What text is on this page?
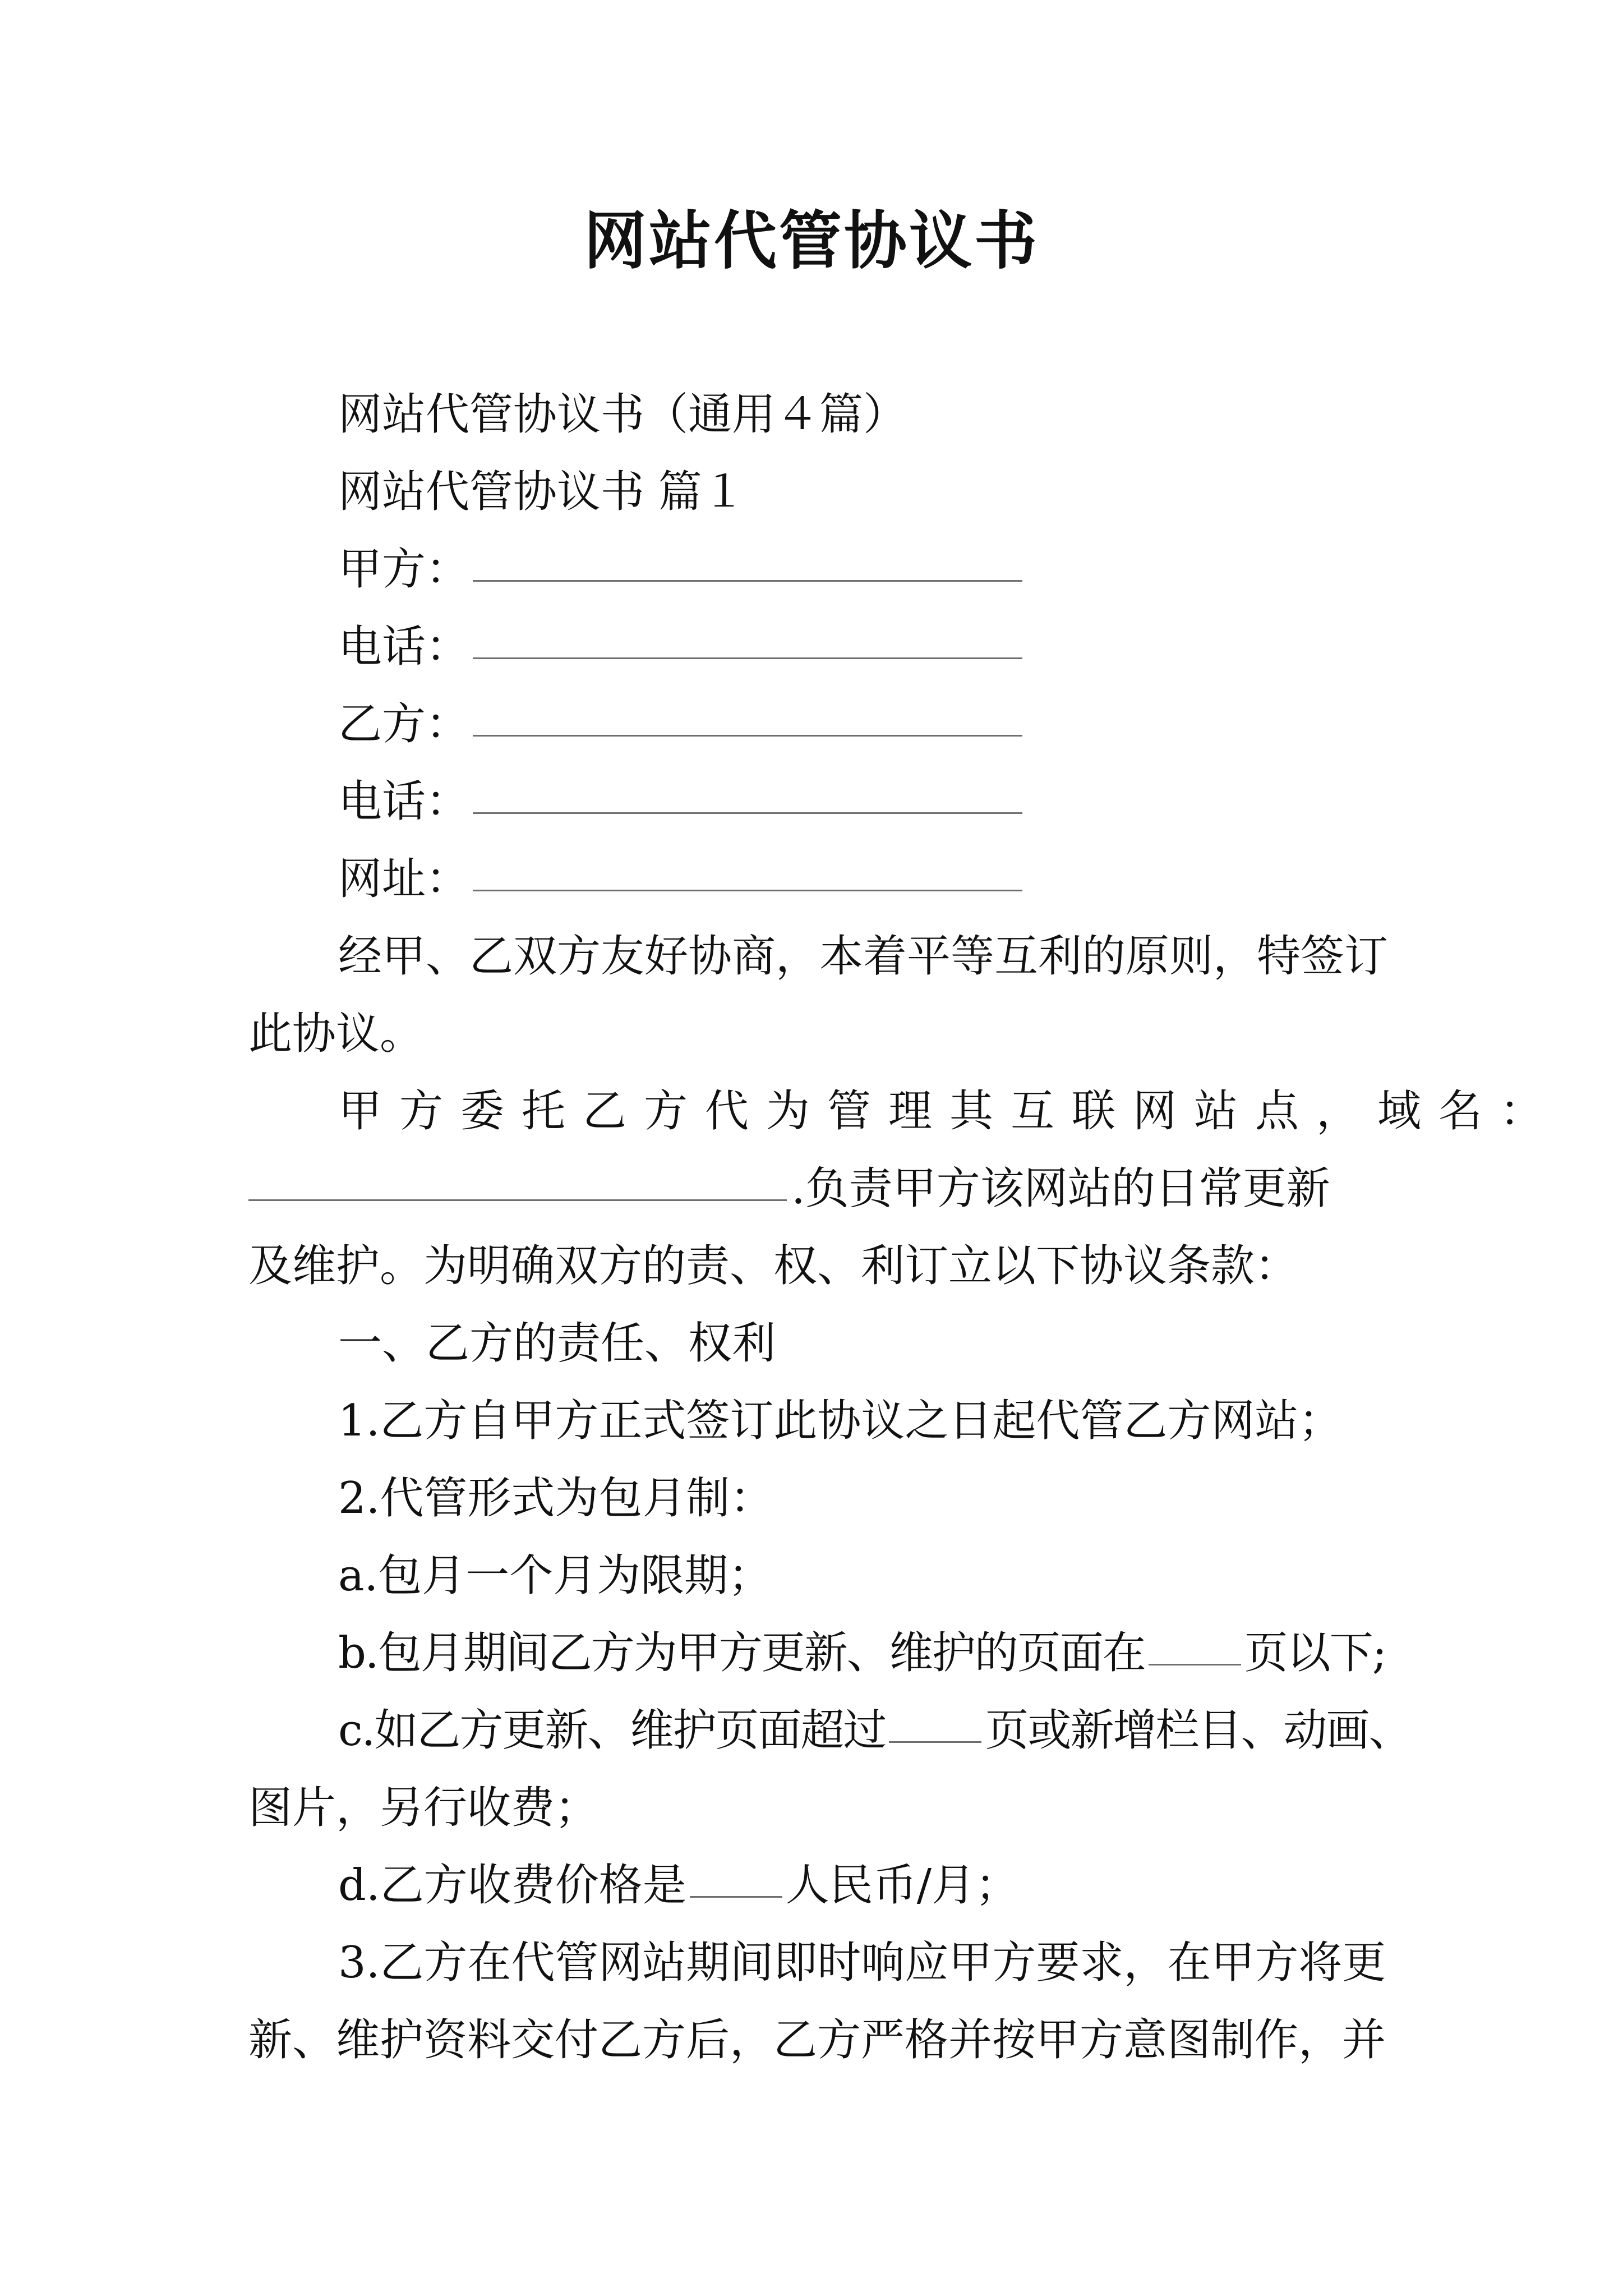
网站代管协议书
网站代管协议书（通用４篇）
网站代管协议书 篇１
甲方：
电话：
乙方：
电话：
网址：
经甲、乙双方友好协商，本着平等互利的原则，特签订
此协议。
甲方委托乙方代为管理其互联网站点，域名：
.负责甲方该网站的日常更新
及维护。为明确双方的责、权、利订立以下协议条款：
一、乙方的责任、权利
1.乙方自甲方正式签订此协议之日起代管乙方网站；
2.代管形式为包月制：
a.包月一个月为限期；
b.包月期间乙方为甲方更新、维护的页面在 页以下;
c.如乙方更新、维护页面超过 页或新增栏目、动画、
图片，另行收费；
d.乙方收费价格是 人民币/月；
3.乙方在代管网站期间即时响应甲方要求，在甲方将更
新、维护资料交付乙方后，乙方严格并按甲方意图制作，并
